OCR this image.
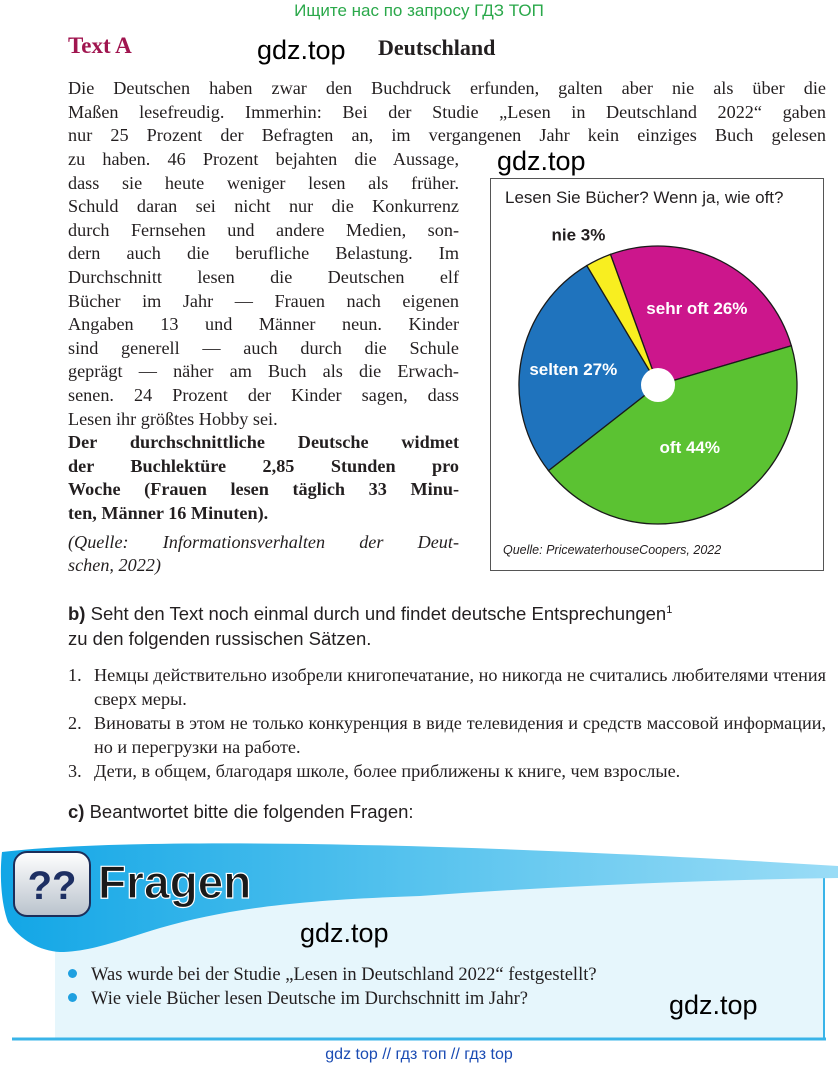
Ищите нас по запросу ГДЗ ТОП
Text A	gdz.top Deutschland
Die Deutschen haben zwar den Buchdruck erfunden, galten aber nie als über die
Maßen lesefreudig. Immerhin: Bei der Studie „Lesen in Deutschland 2022“ gaben
nur 25 Prozent der Befragten an, im vergangenen Jahr kein einziges Buch gelesen
zu haben. 46 Prozent bejahten die Aussage,
dass sie heute weniger lesen als früher.
Schuld daran sei nicht nur die Konkurrenz
durch Fernsehen und andere Medien, son-
dern auch die berufliche Belastung. Im
Durchschnitt lesen die Deutschen elf
Bücher im Jahr — Frauen nach eigenen
Angaben 13 und Männer neun. Kinder
sind generell — auch durch die Schule
geprägt — näher am Buch als die Erwach-
senen. 24 Prozent der Kinder sagen, dass
Lesen ihr größtes Hobby sei.
Der durchschnittliche Deutsche widmet
der Buchlektüre 2,85 Stunden pro
Woche (Frauen lesen täglich 33 Minu-
ten, Männer 16 Minuten).
(Quelle: Informationsverhalten der Deut-
schen, 2022)
gdz.top
Lesen Sie Bücher? Wenn ja, wie oft?
sehr oft 26%
oft 44%
selten 27%
nie 3%
Quelle: PricewaterhouseCoopers, 2022
b) Seht den Text noch einmal durch und findet deutsche Entsprechungen$^1$
zu den folgenden russischen Sätzen.
1. Немцы действительно изобрели книгопечатание, но никогда не считались любителями чтения сверх меры.
2. Виноваты в этом не только конкуренция в виде телевидения и средств массовой информации, но и перегрузки на работе.
3. Дети, в общем, благодаря школе, более приближены к книге, чем взрослые.
c) Beantwortet bitte die folgenden Fragen:
?? Fragen
gdz.top
Was wurde bei der Studie „Lesen in Deutschland 2022“ festgestellt?
Wie viele Bücher lesen Deutsche im Durchschnitt im Jahr?	gdz.top
gdz top // гдз топ // гдз top
